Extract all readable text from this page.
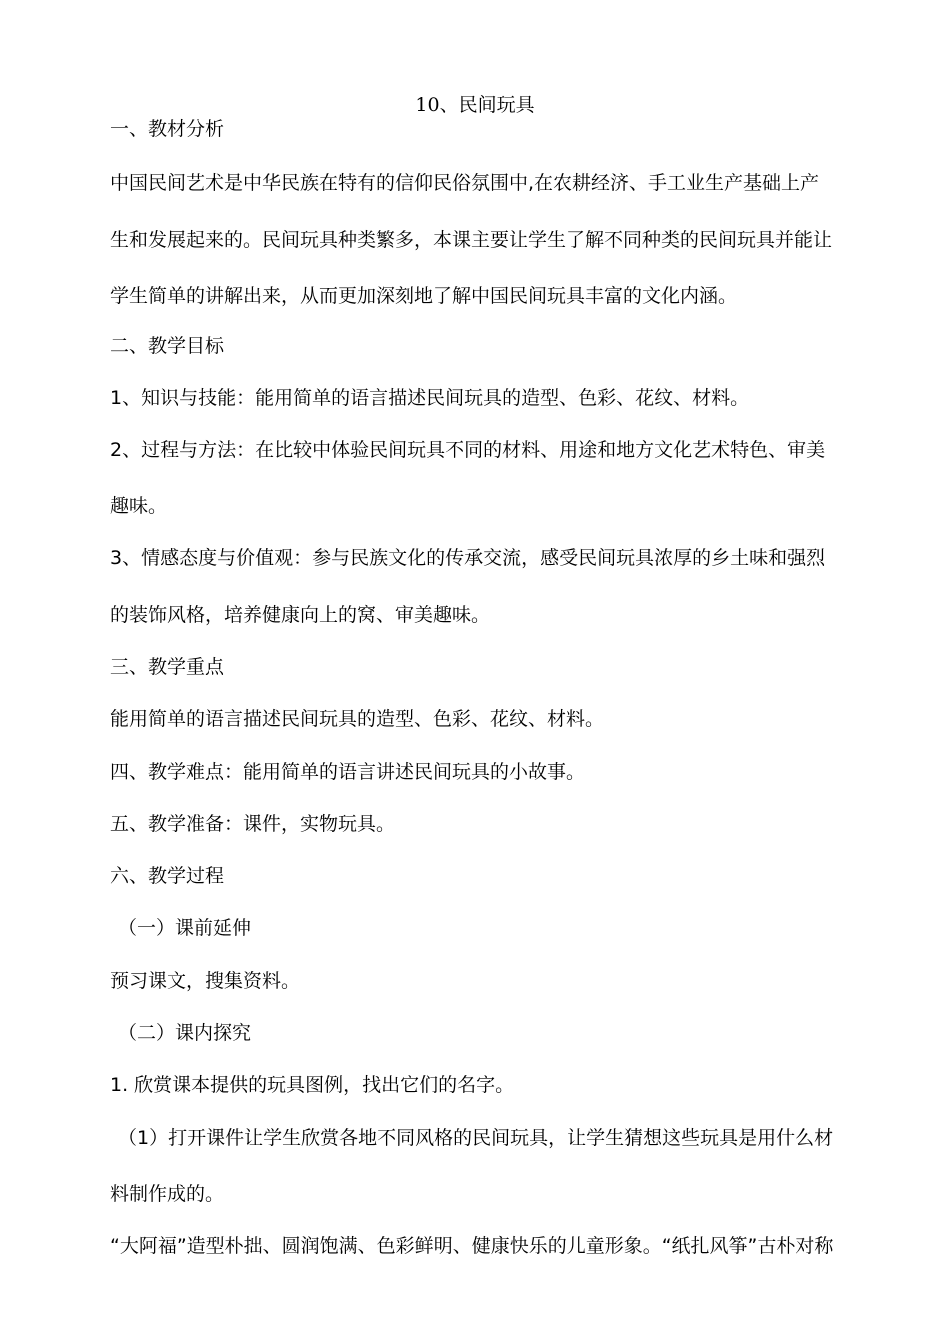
10、民间玩具
一、教材分析
中国民间艺术是中华民族在特有的信仰民俗氛围中,在农耕经济、手工业生产基础上产
生和发展起来的。民间玩具种类繁多，本课主要让学生了解不同种类的民间玩具并能让
学生简单的讲解出来，从而更加深刻地了解中国民间玩具丰富的文化内涵。
二、教学目标
1、知识与技能：能用简单的语言描述民间玩具的造型、色彩、花纹、材料。
2、过程与方法：在比较中体验民间玩具不同的材料、用途和地方文化艺术特色、审美
趣味。
3、情感态度与价值观：参与民族文化的传承交流，感受民间玩具浓厚的乡土味和强烈
的装饰风格，培养健康向上的窝、审美趣味。
三、教学重点
能用简单的语言描述民间玩具的造型、色彩、花纹、材料。
四、教学难点：能用简单的语言讲述民间玩具的小故事。
五、教学准备：课件，实物玩具。
六、教学过程
（一）课前延伸
预习课文，搜集资料。
（二）课内探究
1. 欣赏课本提供的玩具图例，找出它们的名字。
（1）打开课件让学生欣赏各地不同风格的民间玩具，让学生猜想这些玩具是用什么材
料制作成的。
“大阿福”造型朴拙、圆润饱满、色彩鲜明、健康快乐的儿童形象。“纸扎风筝”古朴对称
